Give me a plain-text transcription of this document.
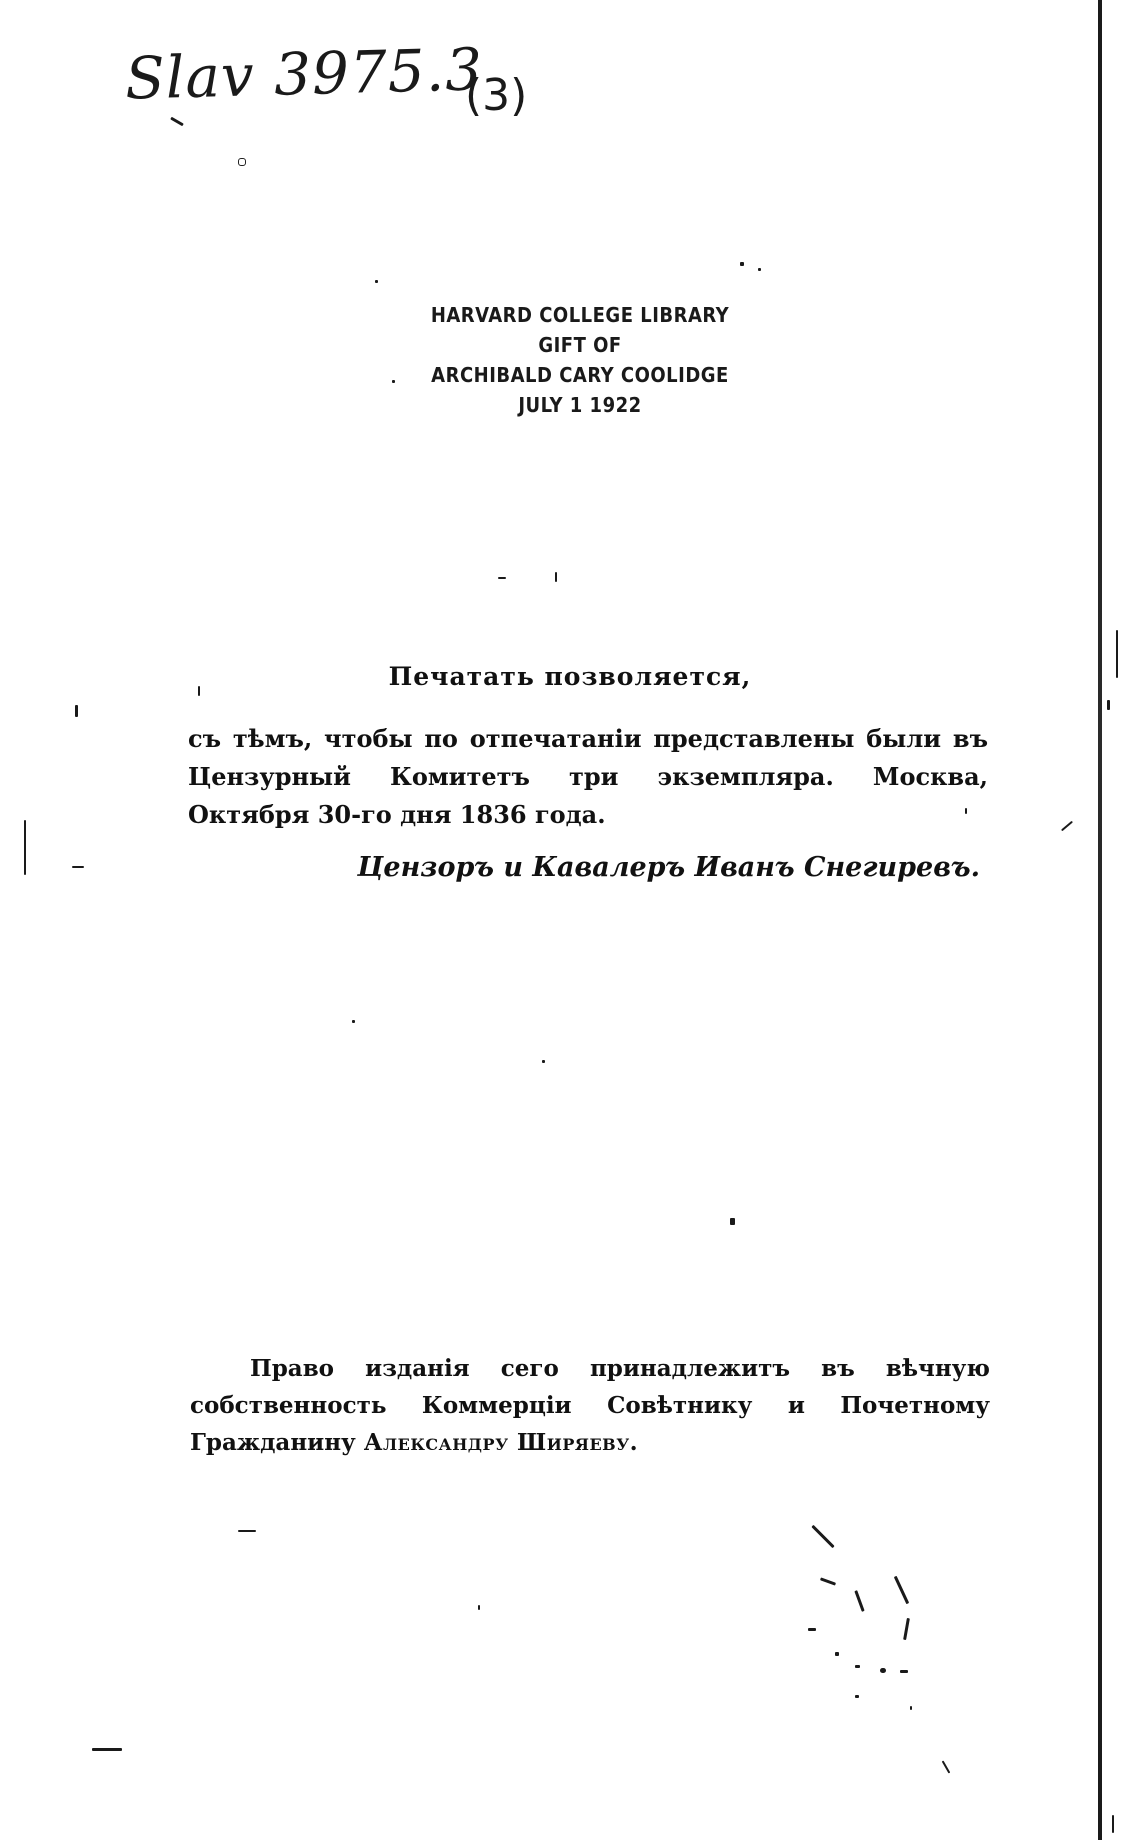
Slav 3975.3
(3)
HARVARD COLLEGE LIBRARY
GIFT OF
ARCHIBALD CARY COOLIDGE
JULY 1 1922
Печатать позволяется,

съ тѣмъ, чтобы по отпечатаніи представлены были въ Цензурный Комитетъ три экземпляра. Москва, Октября 30-го дня 1836 года.

Цензоръ и Кавалеръ Иванъ Снегиревъ.

Право изданія сего принадлежитъ въ вѣчную собственность Коммерціи Совѣтнику и Почетному Гражданину Александру Ширяеву.
